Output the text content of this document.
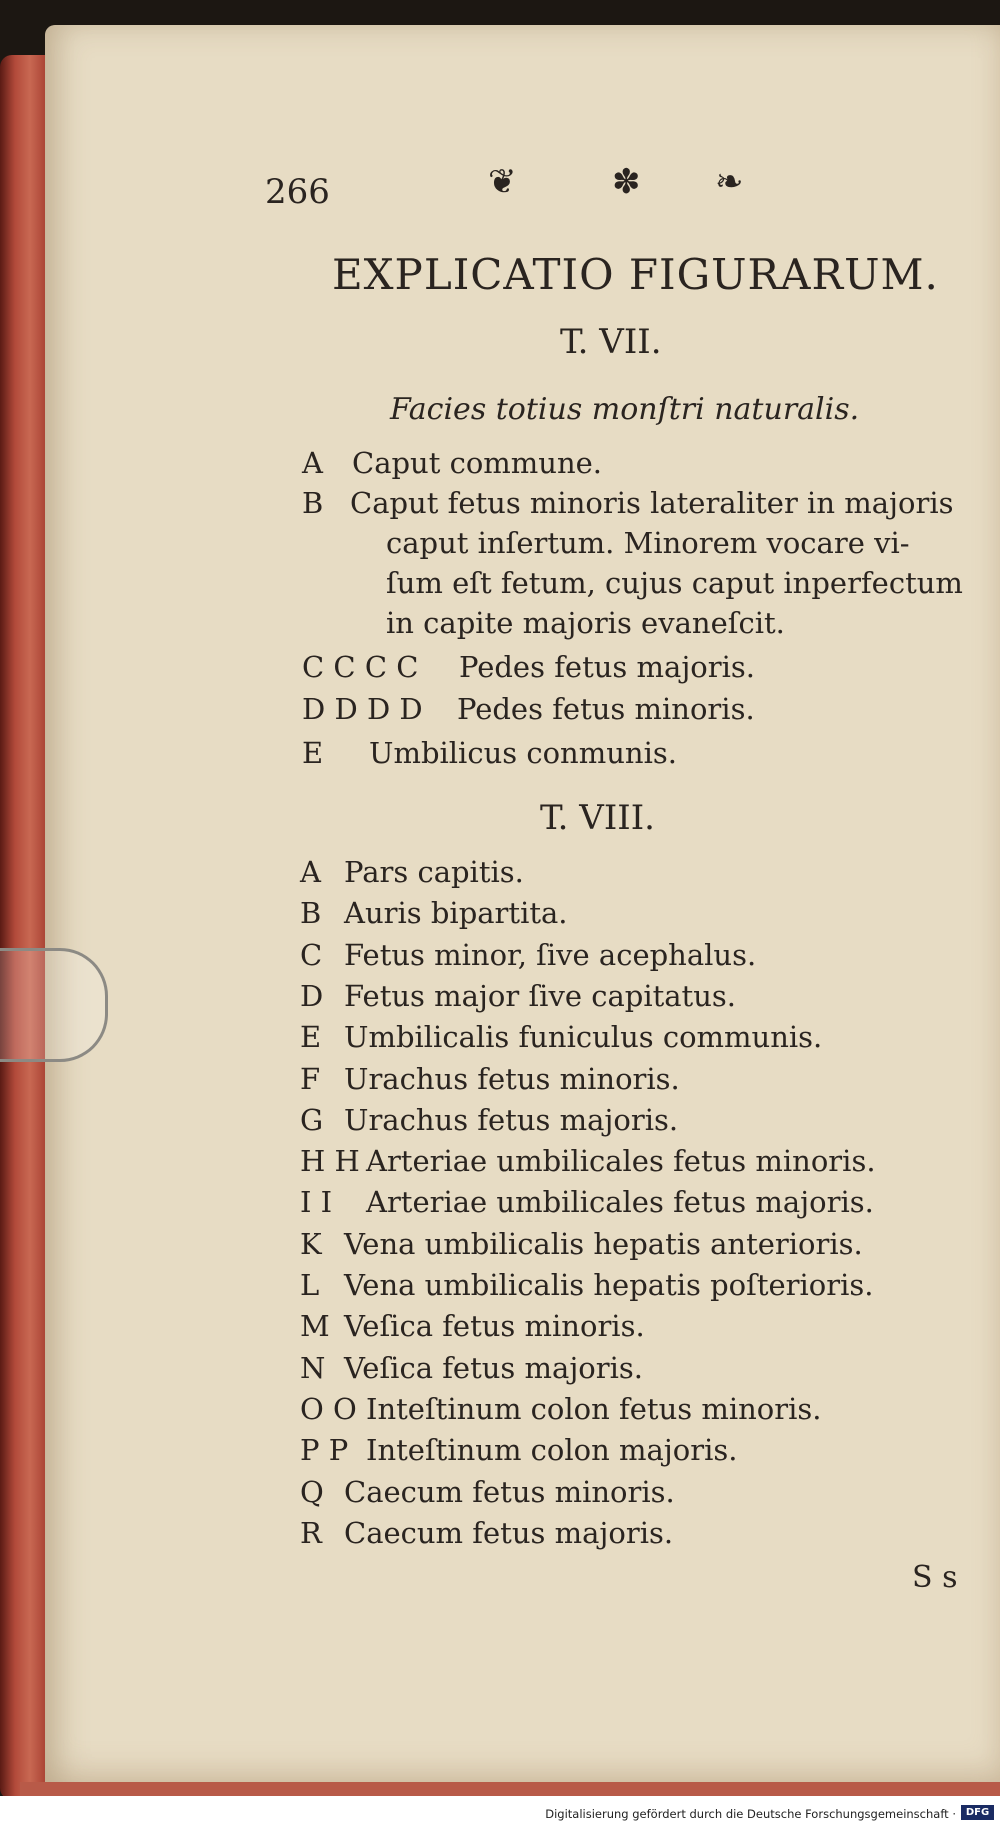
266	❦	✽ ❧
EXPLICATIO FIGURARUM.
T. VII.
Facies totius monſtri naturalis.
A Caput commune.
B Caput fetus minoris lateraliter in majoris
caput inſertum. Minorem vocare vi-
ſum eſt fetum, cujus caput inperfectum
in capite majoris evaneſcit.
C C C C Pedes fetus majoris.
D D D D Pedes fetus minoris.
E Umbilicus conmunis.
T. VIII.
A Pars capitis.
B Auris bipartita.
C Fetus minor, ſive acephalus.
D Fetus major ſive capitatus.
E Umbilicalis funiculus communis.
F Urachus fetus minoris.
G Urachus fetus majoris.
H H Arteriae umbilicales fetus minoris.
I I Arteriae umbilicales fetus majoris.
K Vena umbilicalis hepatis anterioris.
L Vena umbilicalis hepatis poſterioris.
M Veſica fetus minoris.
N Veſica fetus majoris.
O O Inteſtinum colon fetus minoris.
P P Inteſtinum colon majoris.
Q Caecum fetus minoris.
R Caecum fetus majoris.
S s
Digitalisierung gefördert durch die Deutsche Forschungsgemeinschaft · DFG
